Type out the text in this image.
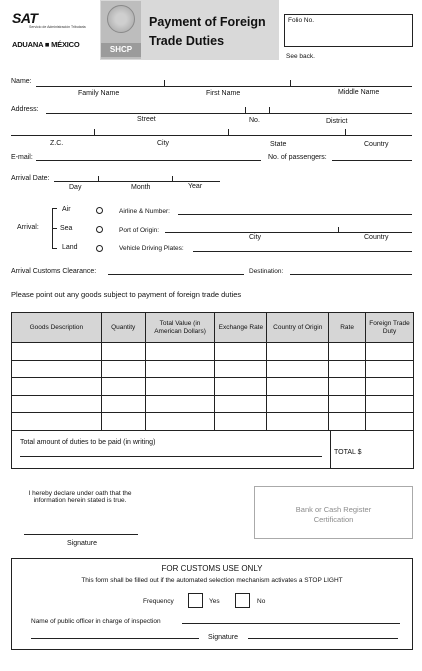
SAT
Servicio de Administración Tributaria
ADUANA ■ MÉXICO
SHCP
Payment of Foreign
Trade Duties
Folio No.
See back.
Name:
Family Name	First Name	Middle Name
Address:
Street	No.	District
Z.C.	City	State	Country
E-mail:	No. of passengers:
Arrival Date:
Day	Month	Year
Arrival:
Air
Sea
Land
Airline & Number:
Port of Origin:
City	Country
Vehicle Driving Plates:
Arrival Customs Clearance:	Destination:
Please point out any goods subject to payment of foreign trade duties
Goods Description	Quantity	Total Value (in American Dollars)	Exchange Rate	Country of Origin	Rate	Foreign Trade Duty

Total amount of duties to be paid (in writing)
TOTAL $
I hereby declare under oath that the
information herein stated is true.
Signature
Bank or Cash Register
Certification
FOR CUSTOMS USE ONLY
This form shall be filled out if the automated selection mechanism activates a STOP LIGHT
Frequency	Yes	No
Name of public officer in charge of inspection
Signature
